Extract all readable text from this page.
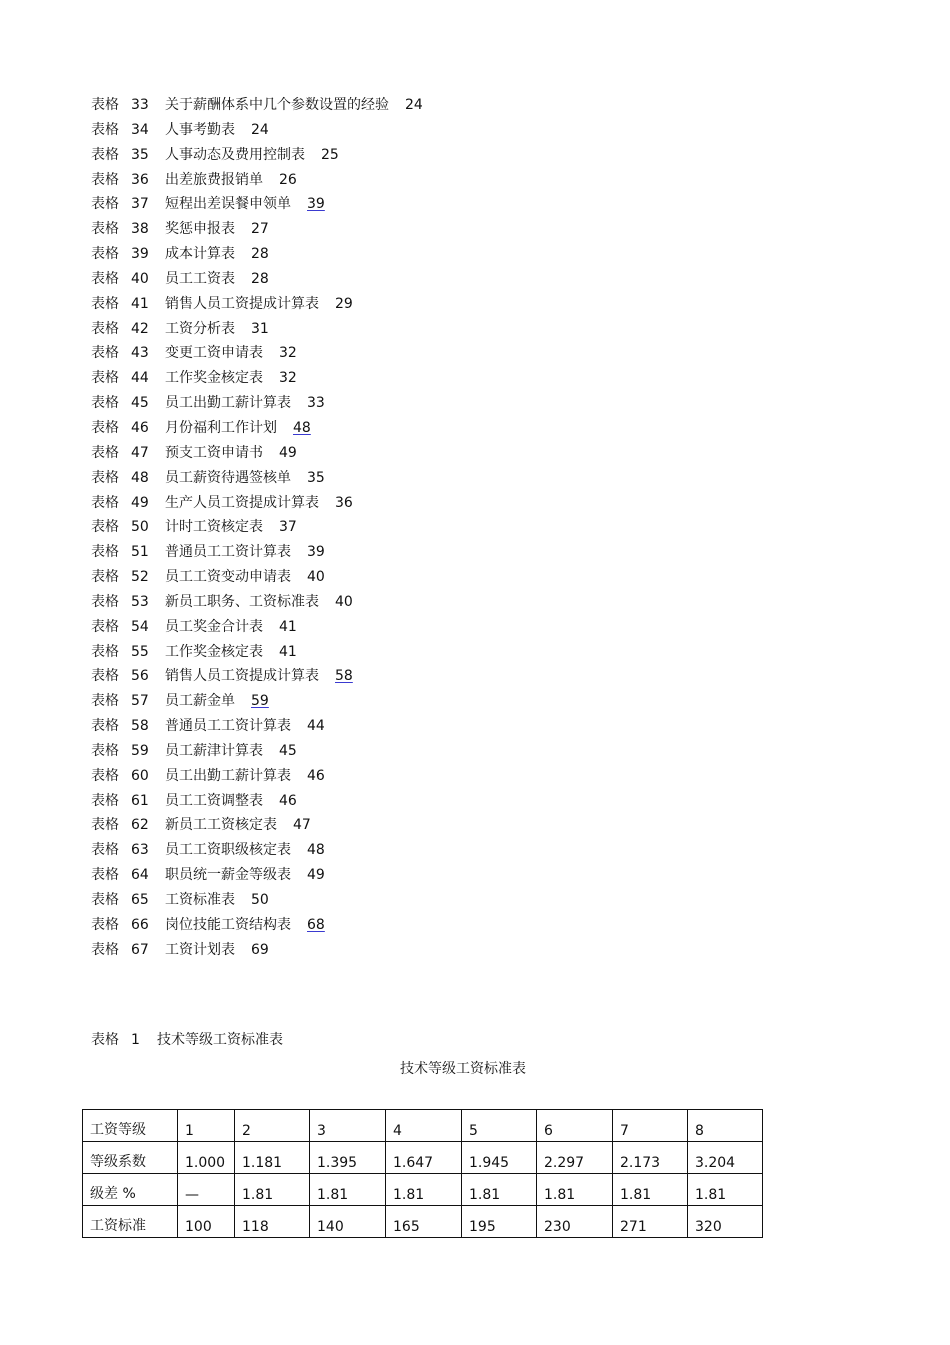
表格 33 关于薪酬体系中几个参数设置的经验 24
表格 34 人事考勤表 24
表格 35 人事动态及费用控制表 25
表格 36 出差旅费报销单 26
表格 37 短程出差误餐申领单 39
表格 38 奖惩申报表 27
表格 39 成本计算表 28
表格 40 员工工资表 28
表格 41 销售人员工资提成计算表 29
表格 42 工资分析表 31
表格 43 变更工资申请表 32
表格 44 工作奖金核定表 32
表格 45 员工出勤工薪计算表 33
表格 46 月份福利工作计划 48
表格 47 预支工资申请书 49
表格 48 员工薪资待遇签核单 35
表格 49 生产人员工资提成计算表 36
表格 50 计时工资核定表 37
表格 51 普通员工工资计算表 39
表格 52 员工工资变动申请表 40
表格 53 新员工职务、工资标准表 40
表格 54 员工奖金合计表 41
表格 55 工作奖金核定表 41
表格 56 销售人员工资提成计算表 58
表格 57 员工薪金单 59
表格 58 普通员工工资计算表 44
表格 59 员工薪津计算表 45
表格 60 员工出勤工薪计算表 46
表格 61 员工工资调整表 46
表格 62 新员工工资核定表 47
表格 63 员工工资职级核定表 48
表格 64 职员统一薪金等级表 49
表格 65 工资标准表 50
表格 66 岗位技能工资结构表 68
表格 67 工资计划表 69
表格 1 技术等级工资标准表
技术等级工资标准表
工资等级	1	2	3	4	5	6	7	8
等级系数	1.000	1.181	1.395	1.647	1.945	2.297	2.173	3.204
级差 %	—	1.81	1.81	1.81	1.81	1.81	1.81	1.81
工资标准	100	118	140	165	195	230	271	320
